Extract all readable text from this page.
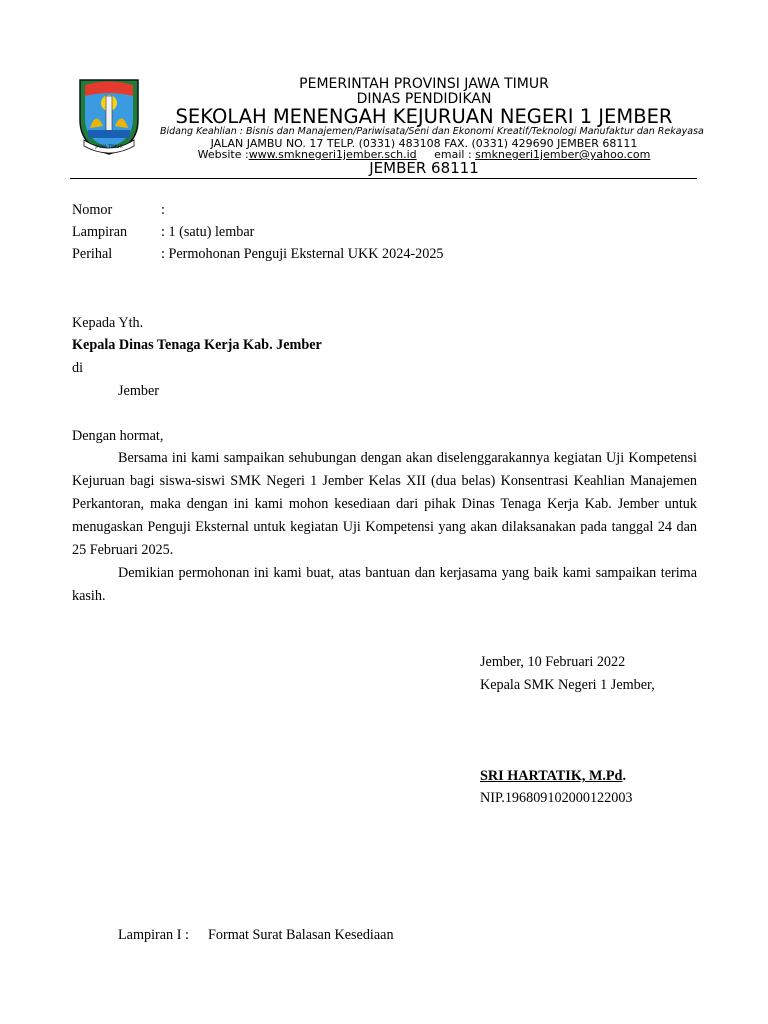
JAWA TIMUR
PEMERINTAH PROVINSI JAWA TIMUR
DINAS PENDIDIKAN
SEKOLAH MENENGAH KEJURUAN NEGERI 1 JEMBER
Bidang Keahlian : Bisnis dan Manajemen/Pariwisata/Seni dan Ekonomi Kreatif/Teknologi Manufaktur dan Rekayasa
JALAN JAMBU NO. 17 TELP. (0331) 483108 FAX. (0331) 429690 JEMBER 68111
Website :www.smknegeri1jember.sch.id email : smknegeri1jember@yahoo.com
JEMBER 68111
Nomor	:
Lampiran : 1 (satu) lembar
Perihal	: Permohonan Penguji Eksternal UKK 2024-2025
Kepada Yth.
Kepala Dinas Tenaga Kerja Kab. Jember
di
Jember
Dengan hormat,
Bersama ini kami sampaikan sehubungan dengan akan diselenggarakannya kegiatan Uji Kompetensi Kejuruan bagi siswa-siswi SMK Negeri 1 Jember Kelas XII (dua belas) Konsentrasi Keahlian Manajemen Perkantoran, maka dengan ini kami mohon kesediaan dari pihak Dinas Tenaga Kerja Kab. Jember untuk menugaskan Penguji Eksternal untuk kegiatan Uji Kompetensi yang akan dilaksanakan pada tanggal 24 dan 25 Februari 2025.
Demikian permohonan ini kami buat, atas bantuan dan kerjasama yang baik kami sampaikan terima kasih.
Jember, 10 Februari 2022
Kepala SMK Negeri 1 Jember,
SRI HARTATIK, M.Pd.
NIP.196809102000122003
Lampiran I : Format Surat Balasan Kesediaan
